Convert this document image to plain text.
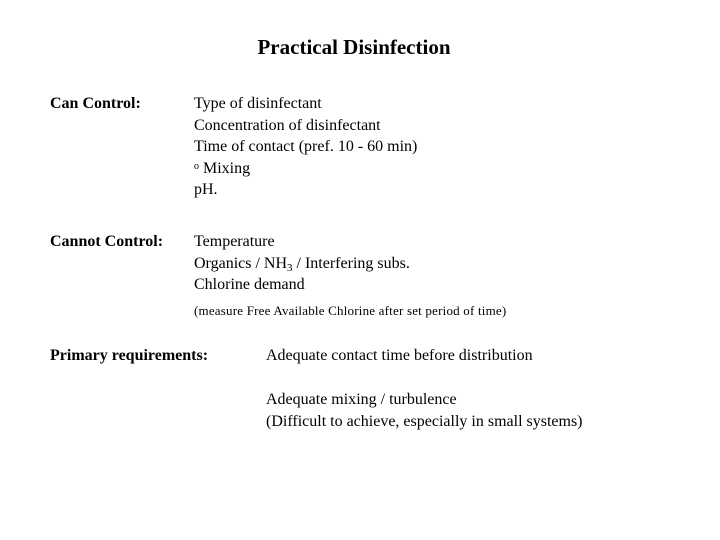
Practical Disinfection
Can Control:	Type of disinfectant
Concentration of disinfectant
Time of contact (pref. 10 - 60 min)
$^o$ Mixing
pH.
Cannot Control: Temperature
Organics / $NH_3$ / Interfering subs.
Chlorine demand
(measure Free Available Chlorine after set period of time)
Primary requirements:	Adequate contact time before distribution
Adequate mixing / turbulence
(Difficult to achieve, especially in small systems)
